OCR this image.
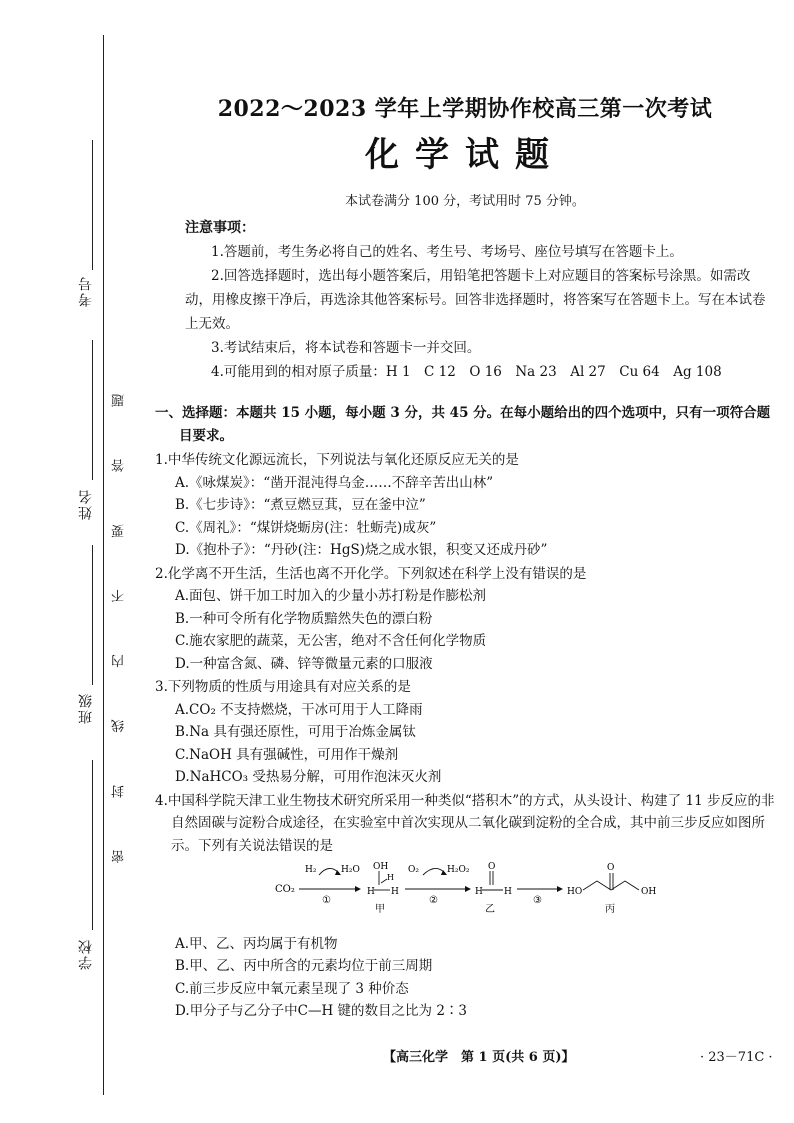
考号
姓名
班级
学校
密 封 线 内 不 要 答 题
2022～2023 学年上学期协作校高三第一次考试
化学试题
本试卷满分 100 分，考试用时 75 分钟。
注意事项：

1.答题前，考生务必将自己的姓名、考生号、考场号、座位号填写在答题卡上。

2.回答选择题时，选出每小题答案后，用铅笔把答题卡上对应题目的答案标号涂黑。如需改动，用橡皮擦干净后，再选涂其他答案标号。回答非选择题时，将答案写在答题卡上。写在本试卷上无效。

3.考试结束后，将本试卷和答题卡一并交回。

4.可能用到的相对原子质量：H 1　C 12　O 16　Na 23　Al 27　Cu 64　Ag 108

一、选择题：本题共 15 小题，每小题 3 分，共 45 分。在每小题给出的四个选项中，只有一项符合题目要求。

1.中华传统文化源远流长，下列说法与氧化还原反应无关的是

A.《咏煤炭》：“凿开混沌得乌金……不辞辛苦出山林”

B.《七步诗》：“煮豆燃豆萁，豆在釜中泣”

C.《周礼》：“煤饼烧蛎房(注：牡蛎壳)成灰”

D.《抱朴子》：“丹砂(注：HgS)烧之成水银，积变又还成丹砂”

2.化学离不开生活，生活也离不开化学。下列叙述在科学上没有错误的是

A.面包、饼干加工时加入的少量小苏打粉是作膨松剂

B.一种可令所有化学物质黯然失色的漂白粉

C.施农家肥的蔬菜，无公害，绝对不含任何化学物质

D.一种富含氮、磷、锌等微量元素的口服液

3.下列物质的性质与用途具有对应关系的是

A.CO₂ 不支持燃烧，干冰可用于人工降雨

B.Na 具有强还原性，可用于冶炼金属钛

C.NaOH 具有强碱性，可用作干燥剂

D.NaHCO₃ 受热易分解，可用作泡沫灭火剂

4.中国科学院天津工业生物技术研究所采用一种类似“搭积木”的方式，从头设计、构建了 11 步反应的非自然固碳与淀粉合成途径，在实验室中首次实现从二氧化碳到淀粉的全合成，其中前三步反应如图所示。下列有关说法错误的是

CO₂
H₂	H₂O
①
OH
H H
H
甲
O₂	H₂O₂
②
O
H H
乙
③
HO
O
OH
丙

A.甲、乙、丙均属于有机物

B.甲、乙、丙中所含的元素均位于前三周期

C.前三步反应中氧元素呈现了 3 种价态

D.甲分子与乙分子中C—H 键的数目之比为 2∶3

【高三化学　第 1 页(共 6 页)】	· 23－71C ·
